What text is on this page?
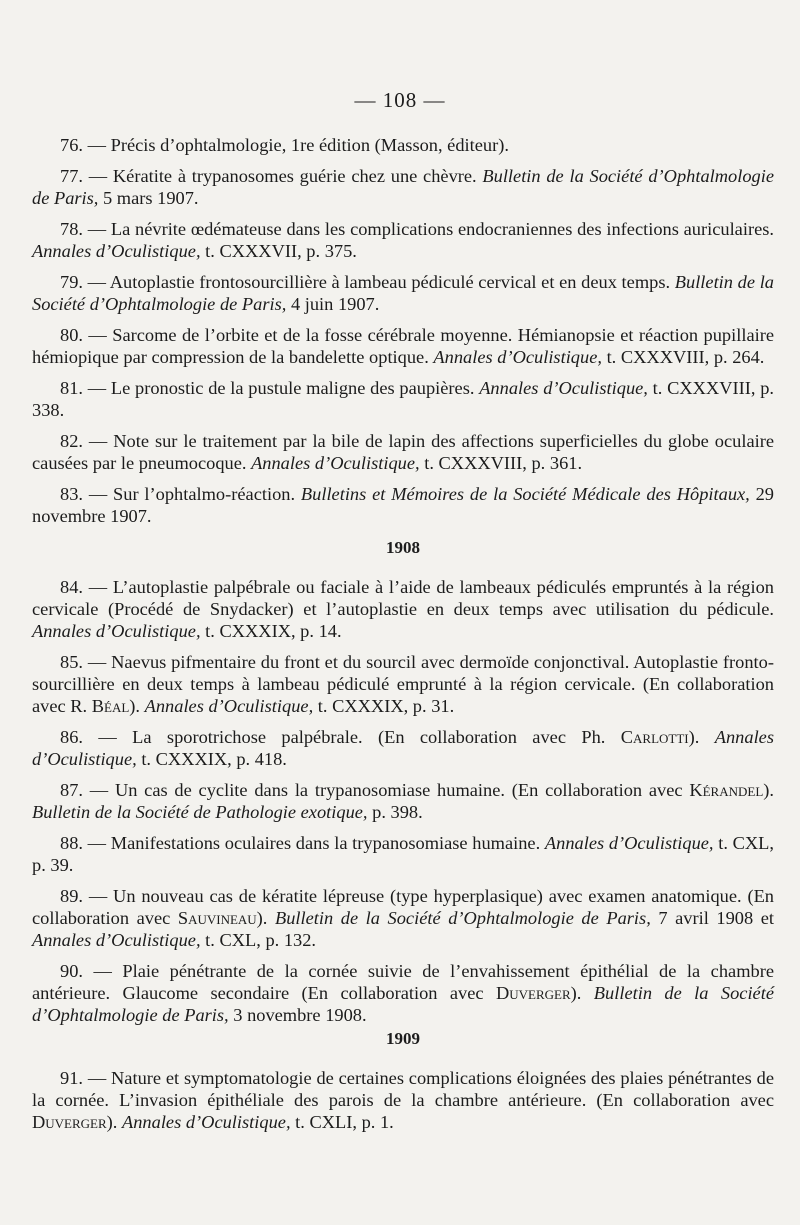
— 108 —

76. — Précis d’ophtalmologie, 1re édition (Masson, éditeur).

77. — Kératite à trypanosomes guérie chez une chèvre. Bulletin de la Société d’Ophtalmologie de Paris, 5 mars 1907.

78. — La névrite œdémateuse dans les complications endocraniennes des infections auriculaires. Annales d’Oculistique, t. CXXXVII, p. 375.

79. — Autoplastie frontosourcillière à lambeau pédiculé cervical et en deux temps. Bulletin de la Société d’Ophtalmologie de Paris, 4 juin 1907.

80. — Sarcome de l’orbite et de la fosse cérébrale moyenne. Hémianopsie et réaction pupillaire hémiopique par compression de la bandelette optique. Annales d’Oculistique, t. CXXXVIII, p. 264.

81. — Le pronostic de la pustule maligne des paupières. Annales d’Oculistique, t. CXXXVIII, p. 338.

82. — Note sur le traitement par la bile de lapin des affections superficielles du globe oculaire causées par le pneumocoque. Annales d’Oculistique, t. CXXXVIII, p. 361.

83. — Sur l’ophtalmo-réaction. Bulletins et Mémoires de la Société Médicale des Hôpitaux, 29 novembre 1907.

1908

84. — L’autoplastie palpébrale ou faciale à l’aide de lambeaux pédiculés empruntés à la région cervicale (Procédé de Snydacker) et l’autoplastie en deux temps avec utilisation du pédicule. Annales d’Oculistique, t. CXXXIX, p. 14.

85. — Naevus pifmentaire du front et du sourcil avec dermoïde conjonctival. Autoplastie fronto-sourcillière en deux temps à lambeau pédiculé emprunté à la région cervicale. (En collaboration avec R. Béal). Annales d’Oculistique, t. CXXXIX, p. 31.

86. — La sporotrichose palpébrale. (En collaboration avec Ph. Carlotti). Annales d’Oculistique, t. CXXXIX, p. 418.

87. — Un cas de cyclite dans la trypanosomiase humaine. (En collaboration avec Kérandel). Bulletin de la Société de Pathologie exotique, p. 398.

88. — Manifestations oculaires dans la trypanosomiase humaine. Annales d’Oculistique, t. CXL, p. 39.

89. — Un nouveau cas de kératite lépreuse (type hyperplasique) avec examen anatomique. (En collaboration avec Sauvineau). Bulletin de la Société d’Ophtalmologie de Paris, 7 avril 1908 et Annales d’Oculistique, t. CXL, p. 132.

90. — Plaie pénétrante de la cornée suivie de l’envahissement épithélial de la chambre antérieure. Glaucome secondaire (En collaboration avec Duverger). Bulletin de la Société d’Ophtalmologie de Paris, 3 novembre 1908.

1909

91. — Nature et symptomatologie de certaines complications éloignées des plaies pénétrantes de la cornée. L’invasion épithéliale des parois de la chambre antérieure. (En collaboration avec Duverger). Annales d’Oculistique, t. CXLI, p. 1.
